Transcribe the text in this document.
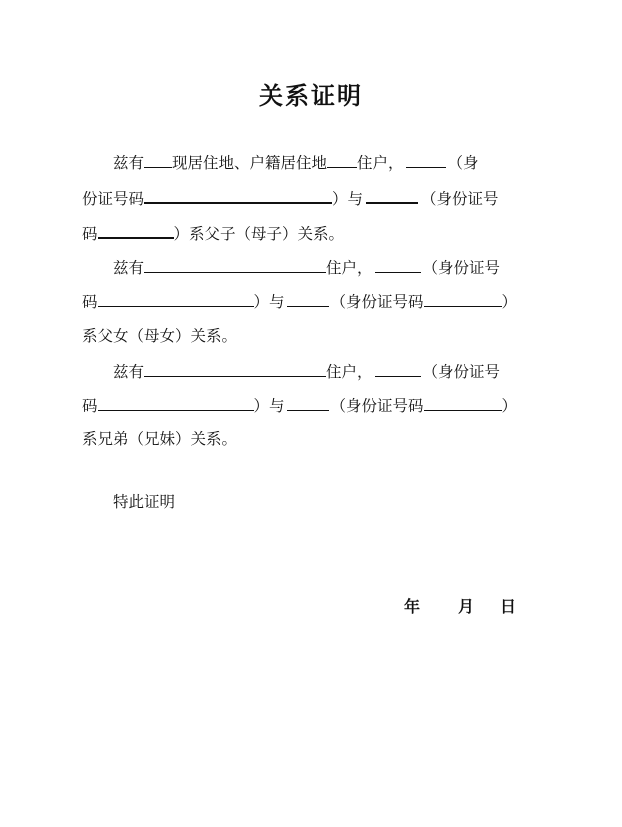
关系证明
兹有 现居住地、户籍居住地 住户，	（身
份证号码	）与	（身份证号
码	）系父子（母子）关系。
兹有	住户，	（身份证号
码	）与	（身份证号码	）
系父女（母女）关系。
兹有	住户，	（身份证号
码	）与	（身份证号码	）
系兄弟（兄妹）关系。
特此证明
年 月 日
